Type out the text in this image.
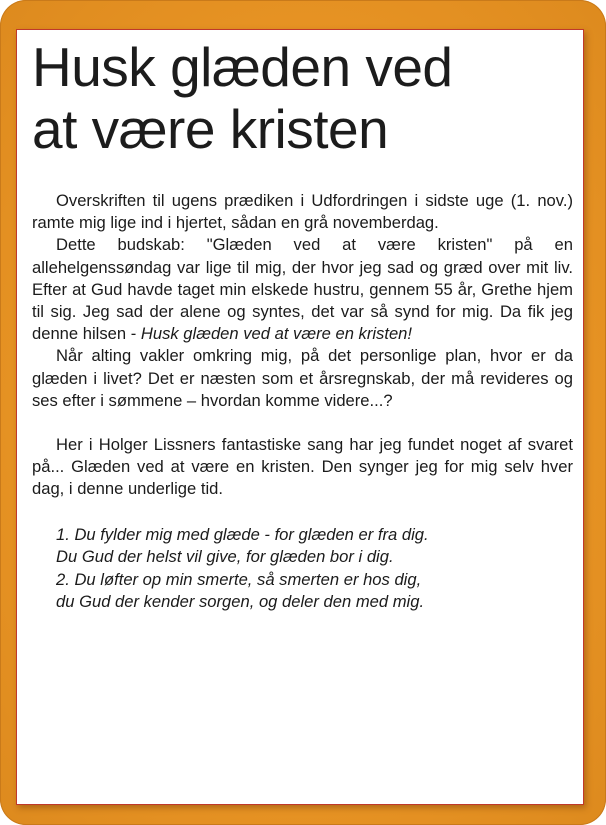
Husk glæden ved
at være kristen

Overskriften til ugens prædiken i Udfordringen i sidste uge (1. nov.) ramte mig lige ind i hjertet, sådan en grå novemberdag.

Dette budskab: "Glæden ved at være kristen" på en allehelgenssøndag var lige til mig, der hvor jeg sad og græd over mit liv. Efter at Gud havde taget min elskede hustru, gennem 55 år, Grethe hjem til sig. Jeg sad der alene og syntes, det var så synd for mig. Da fik jeg denne hilsen - Husk glæden ved at være en kristen!

Når alting vakler omkring mig, på det personlige plan, hvor er da glæden i livet? Det er næsten som et årsregnskab, der må revideres og ses efter i sømmene – hvordan komme videre...?

Her i Holger Lissners fantastiske sang har jeg fundet noget af svaret på... Glæden ved at være en kristen. Den synger jeg for mig selv hver dag, i denne underlige tid.

1. Du fylder mig med glæde - for glæden er fra dig.
Du Gud der helst vil give, for glæden bor i dig.
2. Du løfter op min smerte, så smerten er hos dig,
du Gud der kender sorgen, og deler den med mig.
